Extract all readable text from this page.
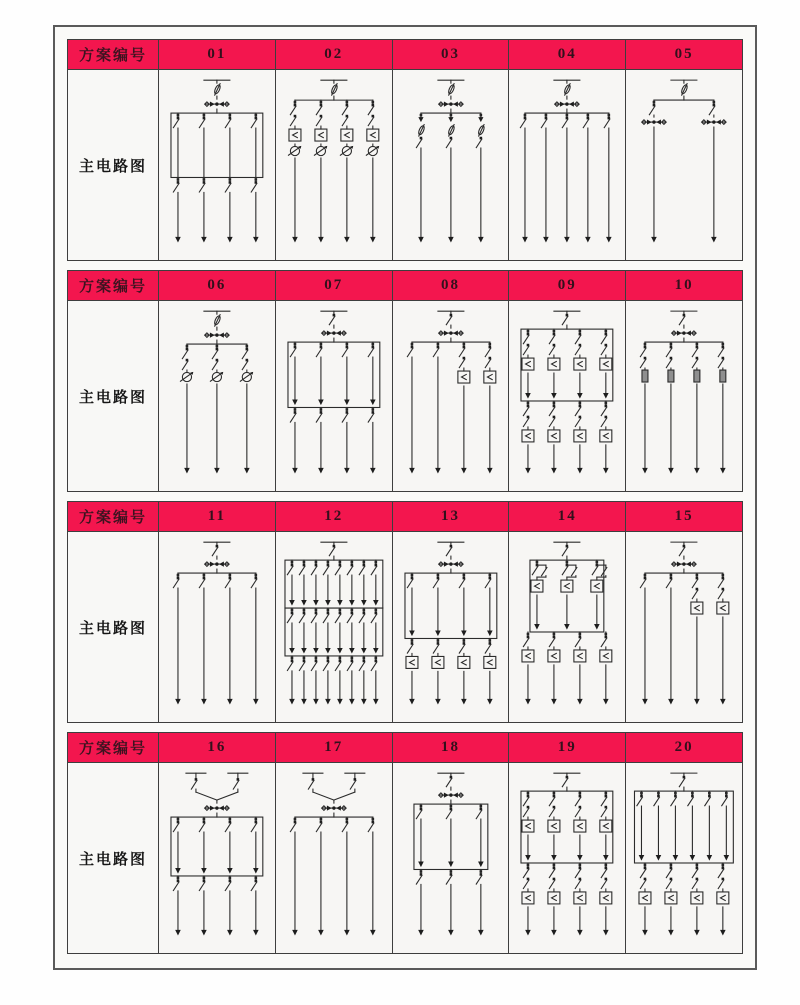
方案编号	01	02	03	04	05
主电路图
方案编号	06	07	08	09	10
主电路图
方案编号	11	12	13	14	15
主电路图
方案编号	16	17	18	19	20
主电路图
